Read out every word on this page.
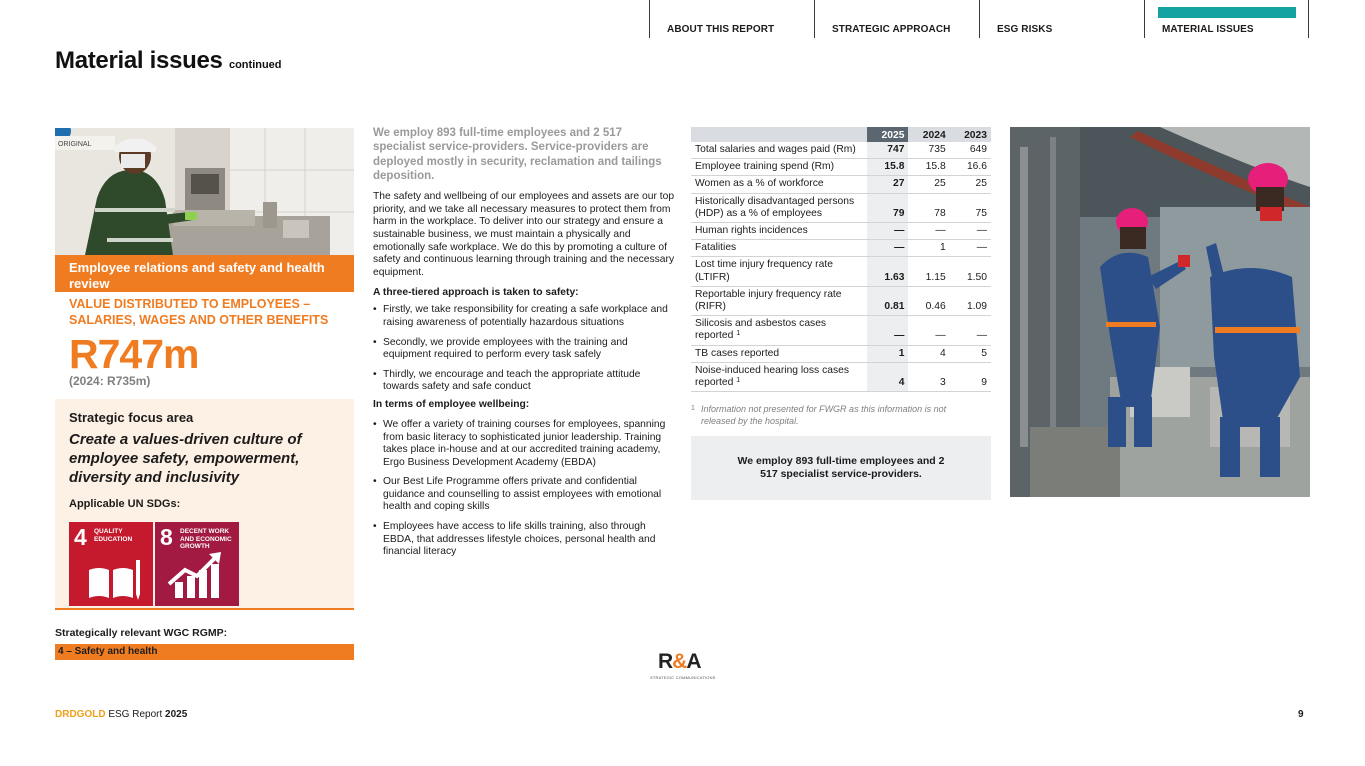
ABOUT THIS REPORT	STRATEGIC APPROACH	ESG RISKS	MATERIAL ISSUES
Material issues continued
ORIGINAL
Employee relations and safety and health review
VALUE DISTRIBUTED TO EMPLOYEES – SALARIES, WAGES AND OTHER BENEFITS
R747m
(2024: R735m)
Strategic focus area
Create a values-driven culture of employee safety, empowerment, diversity and inclusivity
Applicable UN SDGs:
4 QUALITY EDUCATION	8 DECENT WORK AND ECONOMIC GROWTH
Strategically relevant WGC RGMP:
4 – Safety and health
We employ 893 full-time employees and 2 517 specialist service-providers. Service-providers are deployed mostly in security, reclamation and tailings deposition.
The safety and wellbeing of our employees and assets are our top priority, and we take all necessary measures to protect them from harm in the workplace. To deliver into our strategy and ensure a sustainable business, we must maintain a physically and emotionally safe workplace. We do this by promoting a culture of safety and continuous learning through training and the necessary equipment.
A three-tiered approach is taken to safety:
• Firstly, we take responsibility for creating a safe workplace and raising awareness of potentially hazardous situations
• Secondly, we provide employees with the training and equipment required to perform every task safely
• Thirdly, we encourage and teach the appropriate attitude towards safety and safe conduct
In terms of employee wellbeing:
• We offer a variety of training courses for employees, spanning from basic literacy to sophisticated junior leadership. Training takes place in-house and at our accredited training academy, Ergo Business Development Academy (EBDA)
• Our Best Life Programme offers private and confidential guidance and counselling to assist employees with emotional health and coping skills
• Employees have access to life skills training, also through EBDA, that addresses lifestyle choices, personal health and financial literacy
	2025	2024	2023
Total salaries and wages paid (Rm)	747	735	649
Employee training spend (Rm)	15.8	15.8	16.6
Women as a % of workforce	27	25	25
Historically disadvantaged persons (HDP) as a % of employees	79	78	75
Human rights incidences	—	—	—
Fatalities	—	1	—
Lost time injury frequency rate (LTIFR)	1.63	1.15	1.50
Reportable injury frequency rate (RIFR)	0.81	0.46	1.09
Silicosis and asbestos cases reported $^1$	—	—	—
TB cases reported	1	4	5
Noise-induced hearing loss cases reported $^1$	4	3	9
1 Information not presented for FWGR as this information is not released by the hospital.
We employ 893 full-time employees and 2 517 specialist service-providers.
R&A
STRATEGIC COMMUNICATIONS
DRDGOLD ESG Report 2025	9
